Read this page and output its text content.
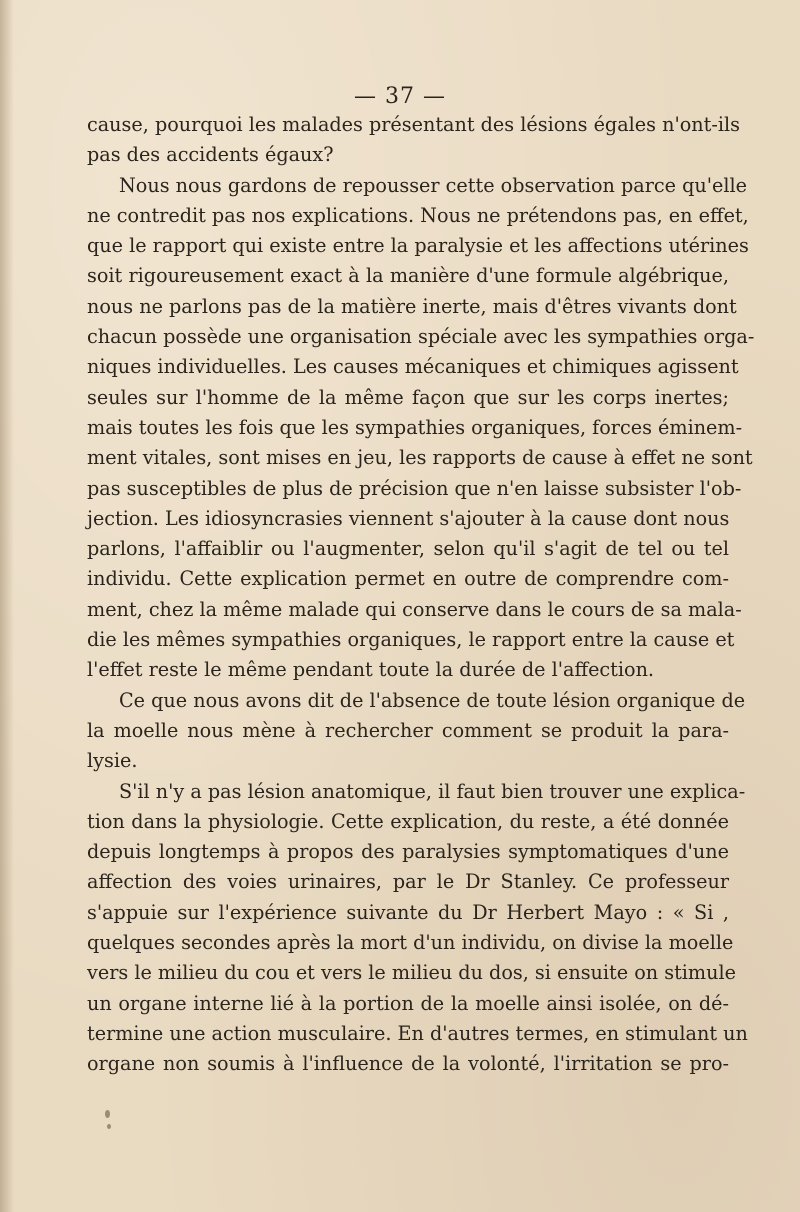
— 37 —
cause, pourquoi les malades présentant des lésions égales n'ont-ils
pas des accidents égaux?
Nous nous gardons de repousser cette observation parce qu'elle
ne contredit pas nos explications. Nous ne prétendons pas, en effet,
que le rapport qui existe entre la paralysie et les affections utérines
soit rigoureusement exact à la manière d'une formule algébrique,
nous ne parlons pas de la matière inerte, mais d'êtres vivants dont
chacun possède une organisation spéciale avec les sympathies orga-
niques individuelles. Les causes mécaniques et chimiques agissent
seules sur l'homme de la même façon que sur les corps inertes;
mais toutes les fois que les sympathies organiques, forces éminem-
ment vitales, sont mises en jeu, les rapports de cause à effet ne sont
pas susceptibles de plus de précision que n'en laisse subsister l'ob-
jection. Les idiosyncrasies viennent s'ajouter à la cause dont nous
parlons, l'affaiblir ou l'augmenter, selon qu'il s'agit de tel ou tel
individu. Cette explication permet en outre de comprendre com-
ment, chez la même malade qui conserve dans le cours de sa mala-
die les mêmes sympathies organiques, le rapport entre la cause et
l'effet reste le même pendant toute la durée de l'affection.
Ce que nous avons dit de l'absence de toute lésion organique de
la moelle nous mène à rechercher comment se produit la para-
lysie.
S'il n'y a pas lésion anatomique, il faut bien trouver une explica-
tion dans la physiologie. Cette explication, du reste, a été donnée
depuis longtemps à propos des paralysies symptomatiques d'une
affection des voies urinaires, par le Dr Stanley. Ce professeur
s'appuie sur l'expérience suivante du Dr Herbert Mayo : « Si ,
quelques secondes après la mort d'un individu, on divise la moelle
vers le milieu du cou et vers le milieu du dos, si ensuite on stimule
un organe interne lié à la portion de la moelle ainsi isolée, on dé-
termine une action musculaire. En d'autres termes, en stimulant un
organe non soumis à l'influence de la volonté, l'irritation se pro-
